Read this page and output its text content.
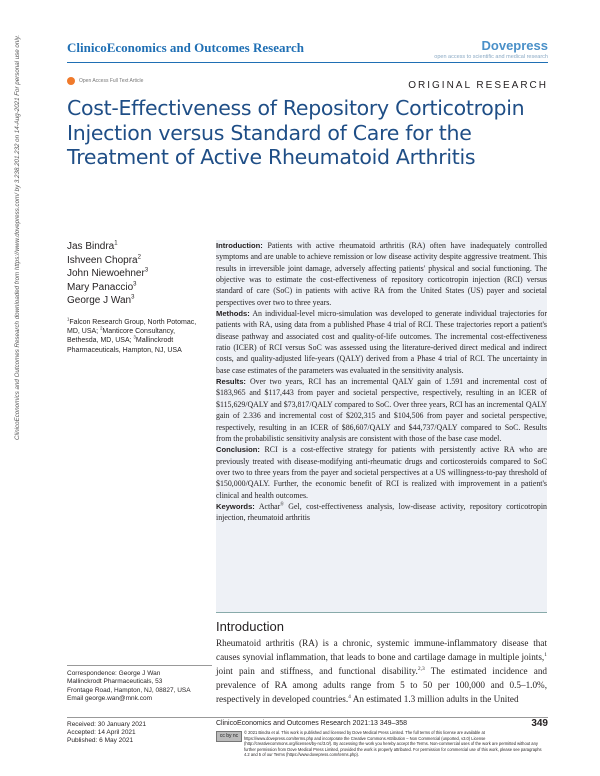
ClinicoEconomics and Outcomes Research	Dovepress
open access to scientific and medical research
Open Access Full Text Article	ORIGINAL RESEARCH
Cost-Effectiveness of Repository Corticotropin Injection versus Standard of Care for the Treatment of Active Rheumatoid Arthritis
ClinicoEconomics and Outcomes Research downloaded from https://www.dovepress.com/ by 3.238.201.232 on 14-Aug-2021 For personal use only.	Jas Bindra$^1$
Ishveen Chopra$^2$
John Niewoehner$^3$
Mary Panaccio$^3$
George J Wan$^3$
$^1$Falcon Research Group, North Potomac, MD, USA; $^2$Manticore Consultancy, Bethesda, MD, USA; $^3$Mallinckrodt Pharmaceuticals, Hampton, NJ, USA
Introduction: Patients with active rheumatoid arthritis (RA) often have inadequately controlled symptoms and are unable to achieve remission or low disease activity despite aggressive treatment. This results in irreversible joint damage, adversely affecting patients' physical and social functioning. The objective was to estimate the cost-effectiveness of repository corticotropin injection (RCI) versus standard of care (SoC) in patients with active RA from the United States (US) payer and societal perspectives over two to three years.
Methods: An individual-level micro-simulation was developed to generate individual trajectories for patients with RA, using data from a published Phase 4 trial of RCI. These trajectories report a patient's disease pathway and associated cost and quality-of-life outcomes. The incremental cost-effectiveness ratio (ICER) of RCI versus SoC was assessed using the literature-derived direct medical and indirect costs, and quality-adjusted life-years (QALY) derived from a Phase 4 trial of RCI. The uncertainty in base case estimates of the parameters was evaluated in the sensitivity analysis.
Results: Over two years, RCI has an incremental QALY gain of 1.591 and incremental cost of $183,965 and $117,443 from payer and societal perspective, respectively, resulting in an ICER of $115,629/QALY and $73,817/QALY compared to SoC. Over three years, RCI has an incremental QALY gain of 2.336 and incremental cost of $202,315 and $104,506 from payer and societal perspective, respectively, resulting in an ICER of $86,607/QALY and $44,737/QALY compared to SoC. Results from the probabilistic sensitivity analysis are consistent with those of the base case model.
Conclusion: RCI is a cost-effective strategy for patients with persistently active RA who are previously treated with disease-modifying anti-rheumatic drugs and corticosteroids compared to SoC over two to three years from the payer and societal perspectives at a US willingness-to-pay threshold of $150,000/QALY. Further, the economic benefit of RCI is realized with improvement in a patient's clinical and health outcomes.
Keywords: Acthar® Gel, cost-effectiveness analysis, low-disease activity, repository corticotropin injection, rheumatoid arthritis
Introduction
Rheumatoid arthritis (RA) is a chronic, systemic immune-inflammatory disease that causes synovial inflammation, that leads to bone and cartilage damage in multiple joints,$^1$ joint pain and stiffness, and functional disability.$^{2,3}$ The estimated incidence and prevalence of RA among adults range from 5 to 50 per 100,000 and 0.5–1.0%, respectively in developed countries.$^4$ An estimated 1.3 million adults in the United
Correspondence: George J Wan
Mallinckrodt Pharmaceuticals, 53
Frontage Road, Hampton, NJ, 08827, USA
Email george.wan@mnk.com
Received: 30 January 2021
Accepted: 14 April 2021
Published: 6 May 2021
ClinicoEconomics and Outcomes Research 2021:13 349–358	349
cc by nc
© 2021 Bindra et al. This work is published and licensed by Dove Medical Press Limited. The full terms of this license are available at https://www.dovepress.com/terms.php and incorporate the Creative Commons Attribution – Non Commercial (unported, v3.0) License (http://creativecommons.org/licenses/by-nc/3.0/). By accessing the work you hereby accept the Terms. Non-commercial uses of the work are permitted without any further permission from Dove Medical Press Limited, provided the work is properly attributed. For permission for commercial use of this work, please see paragraphs 4.2 and 5 of our Terms (https://www.dovepress.com/terms.php).
